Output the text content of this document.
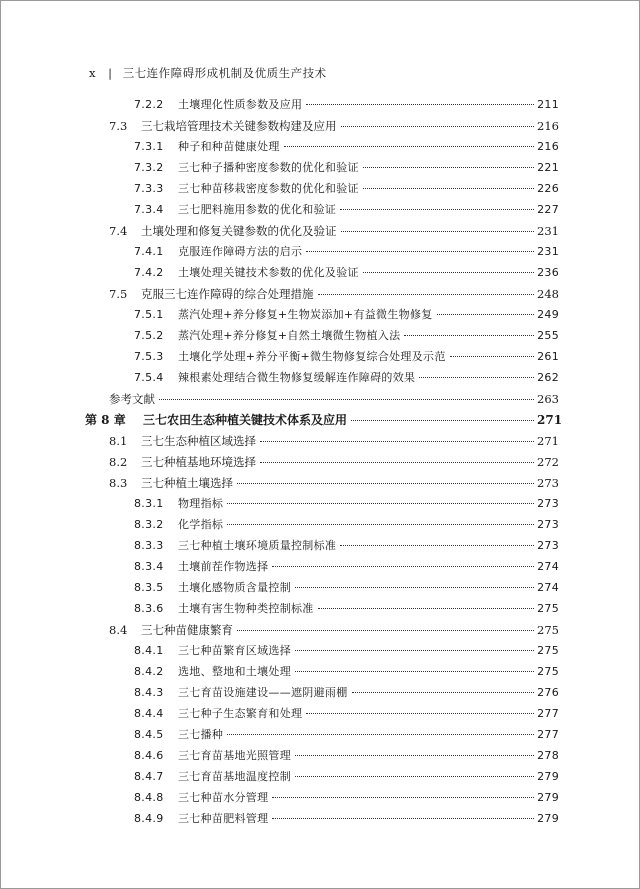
x | 三七连作障碍形成机制及优质生产技术
7.2.2	土壤理化性质参数及应用	211
7.3	三七栽培管理技术关键参数构建及应用	216
7.3.1	种子和种苗健康处理	216
7.3.2	三七种子播种密度参数的优化和验证	221
7.3.3	三七种苗移栽密度参数的优化和验证	226
7.3.4	三七肥料施用参数的优化和验证	227
7.4	土壤处理和修复关键参数的优化及验证	231
7.4.1	克服连作障碍方法的启示	231
7.4.2	土壤处理关键技术参数的优化及验证	236
7.5	克服三七连作障碍的综合处理措施	248
7.5.1	蒸汽处理+养分修复+生物炭添加+有益微生物修复	249
7.5.2	蒸汽处理+养分修复+自然土壤微生物植入法	255
7.5.3	土壤化学处理+养分平衡+微生物修复综合处理及示范	261
7.5.4	辣根素处理结合微生物修复缓解连作障碍的效果	262
参考文献	263
第 8 章	三七农田生态种植关键技术体系及应用	271
8.1	三七生态种植区域选择	271
8.2	三七种植基地环境选择	272
8.3	三七种植土壤选择	273
8.3.1	物理指标	273
8.3.2	化学指标	273
8.3.3	三七种植土壤环境质量控制标准	273
8.3.4	土壤前茬作物选择	274
8.3.5	土壤化感物质含量控制	274
8.3.6	土壤有害生物种类控制标准	275
8.4	三七种苗健康繁育	275
8.4.1	三七种苗繁育区域选择	275
8.4.2	选地、整地和土壤处理	275
8.4.3	三七育苗设施建设——遮阴避雨棚	276
8.4.4	三七种子生态繁育和处理	277
8.4.5	三七播种	277
8.4.6	三七育苗基地光照管理	278
8.4.7	三七育苗基地温度控制	279
8.4.8	三七种苗水分管理	279
8.4.9	三七种苗肥料管理	279
